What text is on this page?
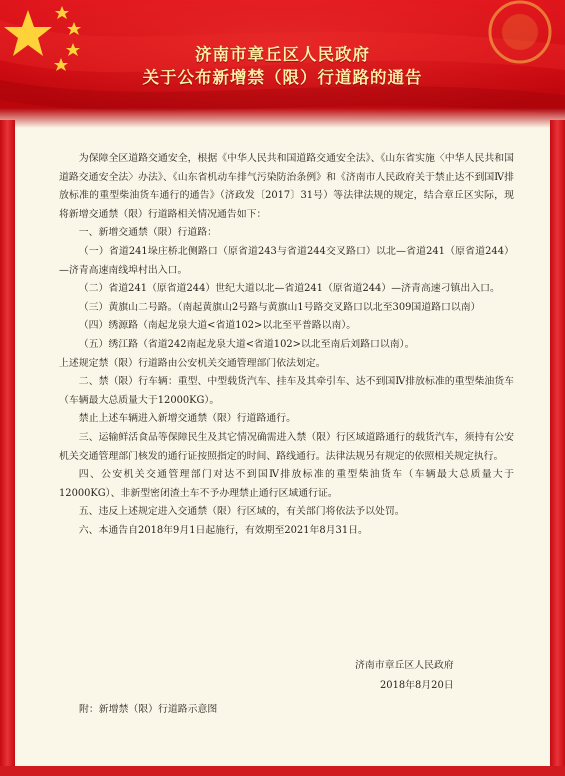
济南市章丘区人民政府
关于公布新增禁（限）行道路的通告

为保障全区道路交通安全，根据《中华人民共和国道路交通安全法》、《山东省实施〈中华人民共和国道路交通安全法〉办法》、《山东省机动车排气污染防治条例》和《济南市人民政府关于禁止达不到国Ⅳ排放标准的重型柴油货车通行的通告》（济政发〔2017〕31号）等法律法规的规定，结合章丘区实际，现将新增交通禁（限）行道路相关情况通告如下：

一、新增交通禁（限）行道路：

（一）省道241垛庄桥北侧路口（原省道243与省道244交叉路口）以北—省道241（原省道244）—济青高速南线埠村出入口。

（二）省道241（原省道244）世纪大道以北—省道241（原省道244）—济青高速刁镇出入口。

（三）黄旗山二号路。（南起黄旗山2号路与黄旗山1号路交叉路口以北至309国道路口以南）

（四）绣源路（南起龙泉大道<省道102>以北至平普路以南）。

（五）绣江路（省道242南起龙泉大道<省道102>以北至南后刘路口以南）。

上述规定禁（限）行道路由公安机关交通管理部门依法划定。

二、禁（限）行车辆：重型、中型载货汽车、挂车及其牵引车、达不到国Ⅳ排放标准的重型柴油货车（车辆最大总质量大于12000KG）。

禁止上述车辆进入新增交通禁（限）行道路通行。

三、运输鲜活食品等保障民生及其它情况确需进入禁（限）行区域道路通行的载货汽车，须持有公安机关交通管理部门核发的通行证按照指定的时间、路线通行。法律法规另有规定的依照相关规定执行。

四、公安机关交通管理部门对达不到国Ⅳ排放标准的重型柴油货车（车辆最大总质量大于12000KG）、非新型密闭渣土车不予办理禁止通行区域通行证。

五、违反上述规定进入交通禁（限）行区域的，有关部门将依法予以处罚。

六、本通告自2018年9月1日起施行，有效期至2021年8月31日。

济南市章丘区人民政府
2018年8月20日
附：新增禁（限）行道路示意图
